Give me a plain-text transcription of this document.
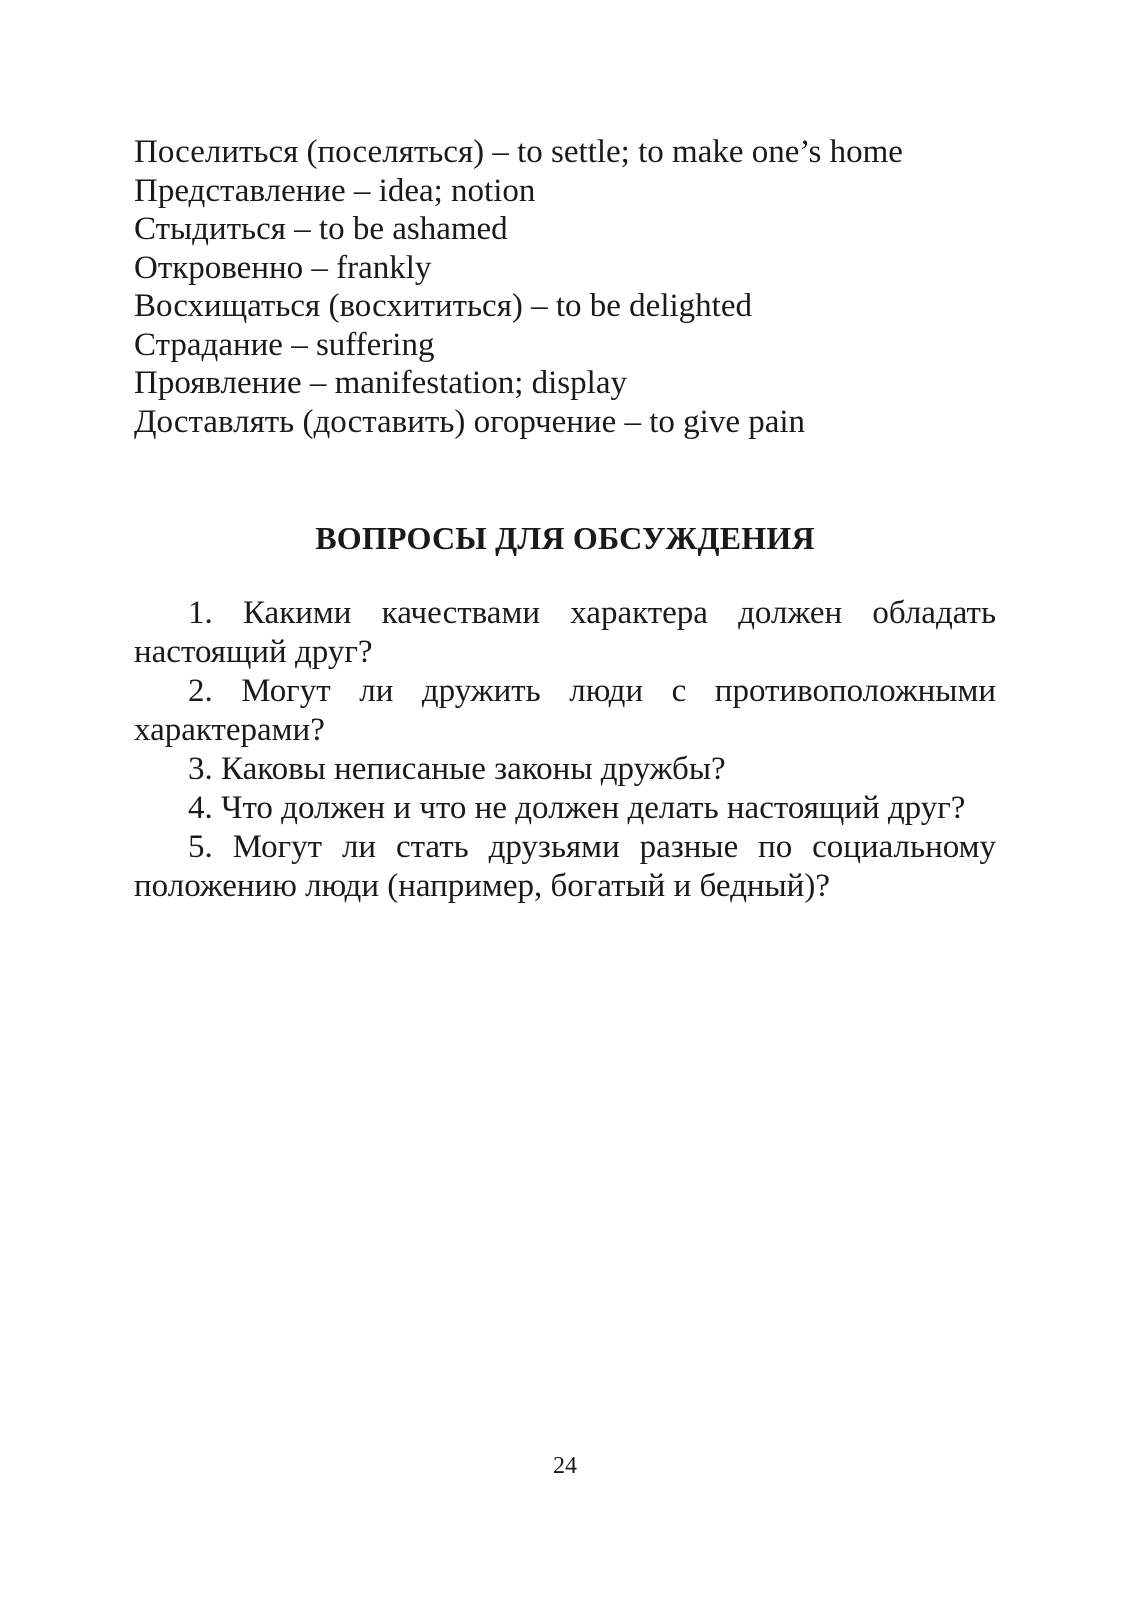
Поселиться (поселяться) – to settle; to make one’s home
Представление – idea; notion
Стыдиться – to be ashamed
Откровенно – frankly
Восхищаться (восхититься) – to be delighted
Страдание – suffering
Проявление – manifestation; display
Доставлять (доставить) огорчение – to give pain
ВОПРОСЫ ДЛЯ ОБСУЖДЕНИЯ
1. Какими качествами характера должен обладать настоящий друг?
2. Могут ли дружить люди с противоположными характерами?
3. Каковы неписаные законы дружбы?
4. Что должен и что не должен делать настоящий друг?
5. Могут ли стать друзьями разные по социальному положению люди (например, богатый и бедный)?
24
